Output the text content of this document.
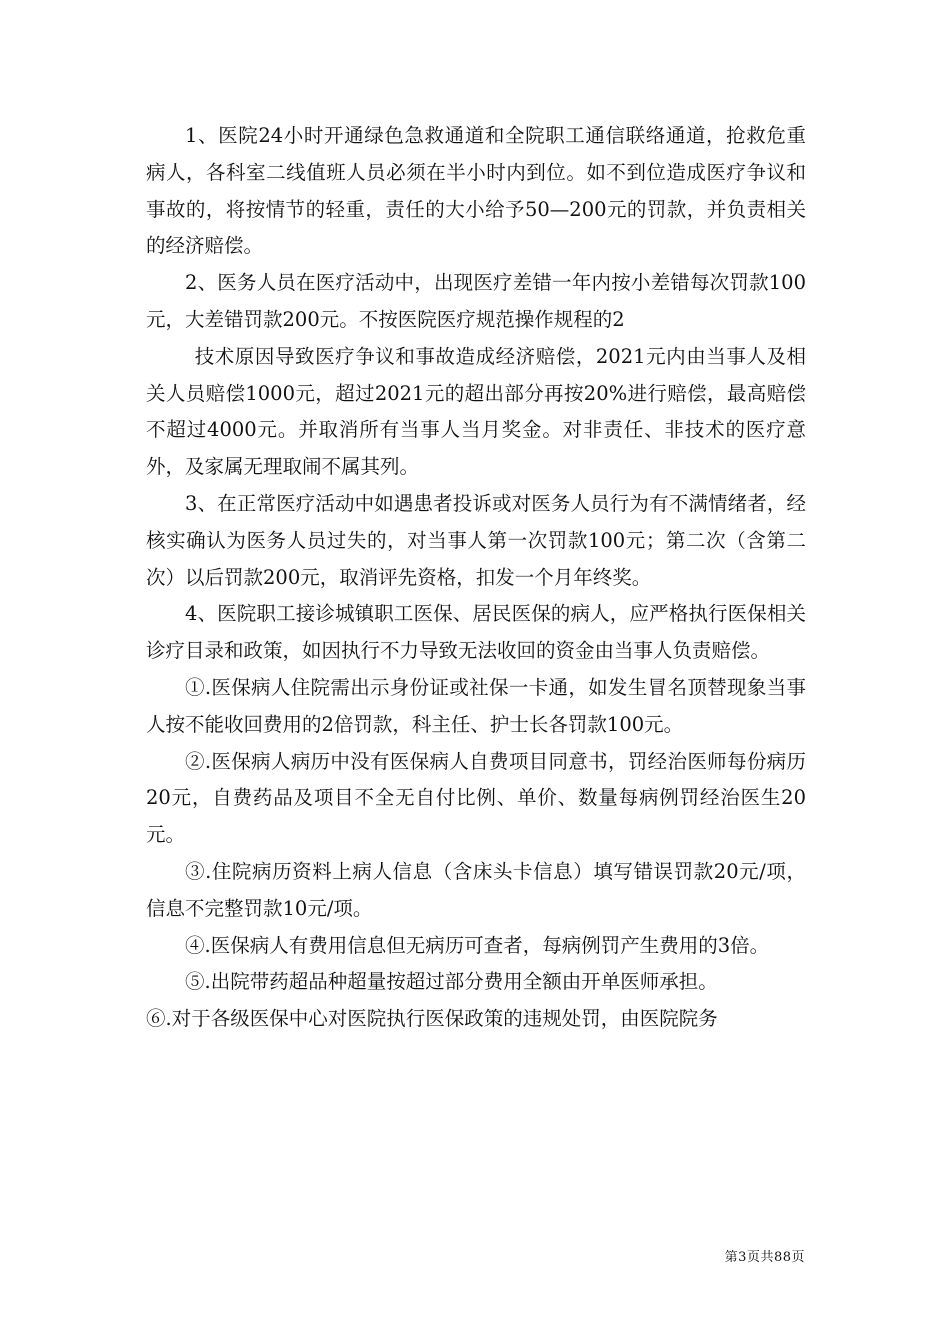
1、医院24小时开通绿色急救通道和全院职工通信联络通道，抢救危重病人，各科室二线值班人员必须在半小时内到位。如不到位造成医疗争议和事故的，将按情节的轻重，责任的大小给予50—200元的罚款，并负责相关的经济赔偿。

2、医务人员在医疗活动中，出现医疗差错一年内按小差错每次罚款100元，大差错罚款200元。不按医院医疗规范操作规程的2

技术原因导致医疗争议和事故造成经济赔偿，2021元内由当事人及相关人员赔偿1000元，超过2021元的超出部分再按20%进行赔偿，最高赔偿不超过4000元。并取消所有当事人当月奖金。对非责任、非技术的医疗意外，及家属无理取闹不属其列。

3、在正常医疗活动中如遇患者投诉或对医务人员行为有不满情绪者，经核实确认为医务人员过失的，对当事人第一次罚款100元；第二次（含第二次）以后罚款200元，取消评先资格，扣发一个月年终奖。

4、医院职工接诊城镇职工医保、居民医保的病人，应严格执行医保相关诊疗目录和政策，如因执行不力导致无法收回的资金由当事人负责赔偿。

①.医保病人住院需出示身份证或社保一卡通，如发生冒名顶替现象当事人按不能收回费用的2倍罚款，科主任、护士长各罚款100元。

②.医保病人病历中没有医保病人自费项目同意书，罚经治医师每份病历20元，自费药品及项目不全无自付比例、单价、数量每病例罚经治医生20元。

③.住院病历资料上病人信息（含床头卡信息）填写错误罚款20元/项，信息不完整罚款10元/项。

④.医保病人有费用信息但无病历可查者，每病例罚产生费用的3倍。

⑤.出院带药超品种超量按超过部分费用全额由开单医师承担。

⑥.对于各级医保中心对医院执行医保政策的违规处罚，由医院院务

第3页共88页
